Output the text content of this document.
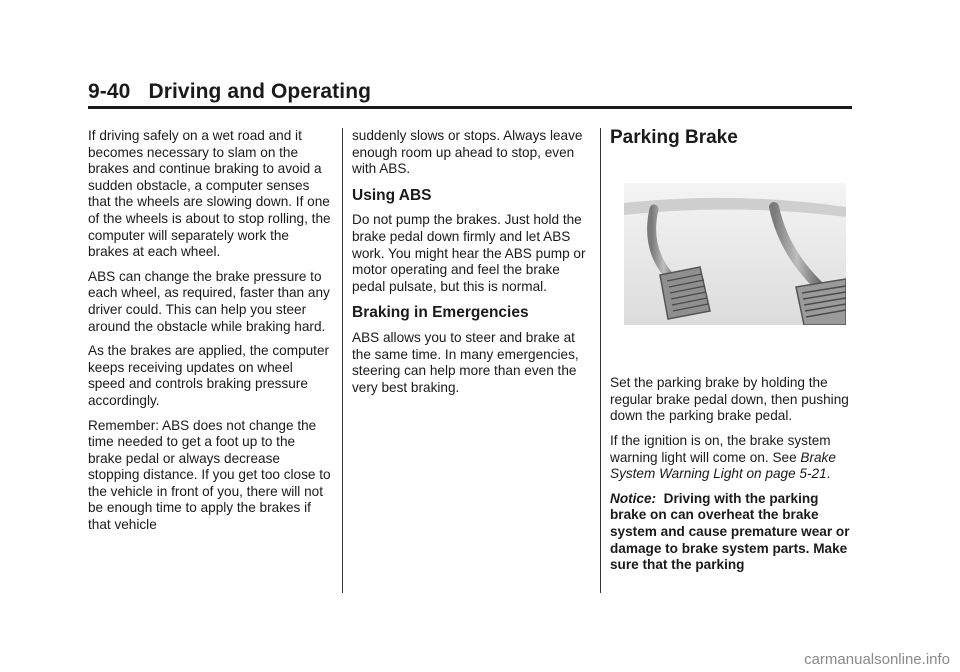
9-40 Driving and Operating

If driving safely on a wet road and it becomes necessary to slam on the brakes and continue braking to avoid a sudden obstacle, a computer senses that the wheels are slowing down. If one of the wheels is about to stop rolling, the computer will separately work the brakes at each wheel.

ABS can change the brake pressure to each wheel, as required, faster than any driver could. This can help you steer around the obstacle while braking hard.

As the brakes are applied, the computer keeps receiving updates on wheel speed and controls braking pressure accordingly.

Remember: ABS does not change the time needed to get a foot up to the brake pedal or always decrease stopping distance. If you get too close to the vehicle in front of you, there will not be enough time to apply the brakes if that vehicle

suddenly slows or stops. Always leave enough room up ahead to stop, even with ABS.

Using ABS

Do not pump the brakes. Just hold the brake pedal down firmly and let ABS work. You might hear the ABS pump or motor operating and feel the brake pedal pulsate, but this is normal.

Braking in Emergencies

ABS allows you to steer and brake at the same time. In many emergencies, steering can help more than even the very best braking.

Parking Brake

Set the parking brake by holding the regular brake pedal down, then pushing down the parking brake pedal.

If the ignition is on, the brake system warning light will come on. See Brake System Warning Light on page 5-21.

Notice: Driving with the parking brake on can overheat the brake system and cause premature wear or damage to brake system parts. Make sure that the parking

carmanualsonline.info
